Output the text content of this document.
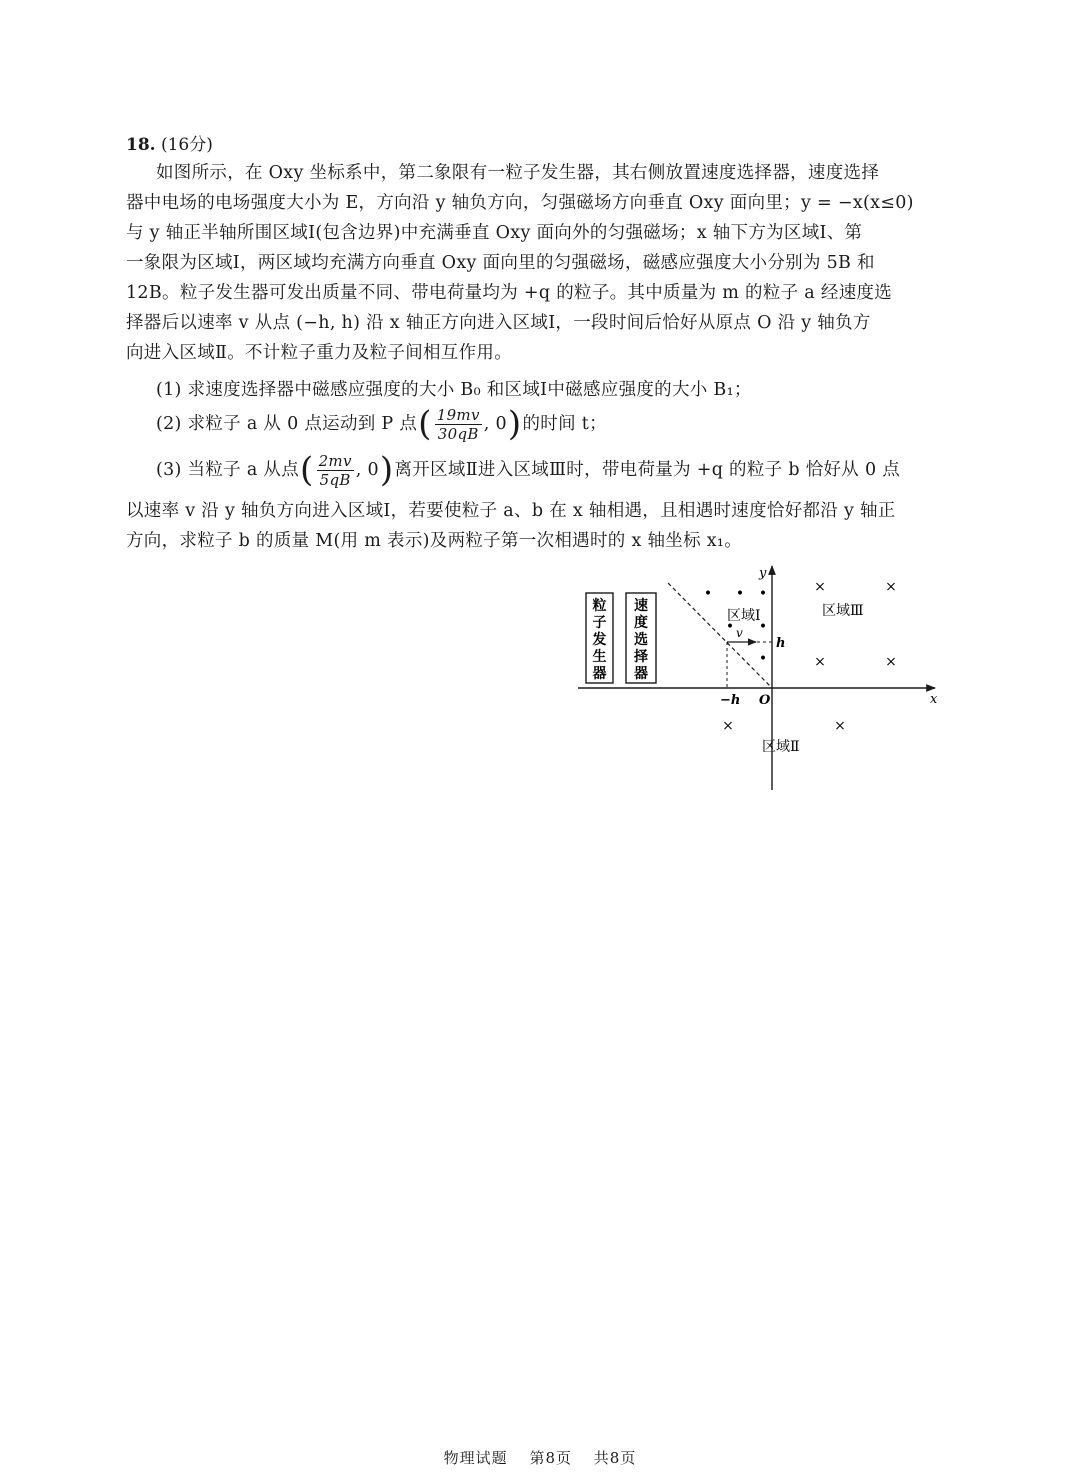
18. (16分)
如图所示，在 Oxy 坐标系中，第二象限有一粒子发生器，其右侧放置速度选择器，速度选择
器中电场的电场强度大小为 E，方向沿 y 轴负方向，匀强磁场方向垂直 Oxy 面向里；y = −x(x≤0)
与 y 轴正半轴所围区域Ⅰ(包含边界)中充满垂直 Oxy 面向外的匀强磁场；x 轴下方为区域Ⅰ、第
一象限为区域Ⅰ，两区域均充满方向垂直 Oxy 面向里的匀强磁场，磁感应强度大小分别为 5B 和
12B。粒子发生器可发出质量不同、带电荷量均为 +q 的粒子。其中质量为 m 的粒子 a 经速度选
择器后以速率 v 从点 (−h, h) 沿 x 轴正方向进入区域Ⅰ，一段时间后恰好从原点 O 沿 y 轴负方
向进入区域Ⅱ。不计粒子重力及粒子间相互作用。
(1) 求速度选择器中磁感应强度的大小 B₀ 和区域Ⅰ中磁感应强度的大小 B₁；
(2) 求粒子 a 从 0 点运动到 P 点 ( $\frac{19mv}{30qB}$ , 0 ) 的时间 t；
(3) 当粒子 a 从点 ( $\frac{2mv}{5qB}$ , 0 ) 离开区域Ⅱ进入区域Ⅲ时，带电荷量为 +q 的粒子 b 恰好从 0 点
以速率 v 沿 y 轴负方向进入区域Ⅰ，若要使粒子 a、b 在 x 轴相遇，且相遇时速度恰好都沿 y 轴正
方向，求粒子 b 的质量 M(用 m 表示)及两粒子第一次相遇时的 x 轴坐标 x₁。
粒
子
发
生
器
速
度
选
择
器
x
y
v
h
−h O
区域Ⅰ	区域Ⅲ
区域Ⅱ
• • •
• •
•
×	×
×	×
×	×
物理试题 第8页 共8页
